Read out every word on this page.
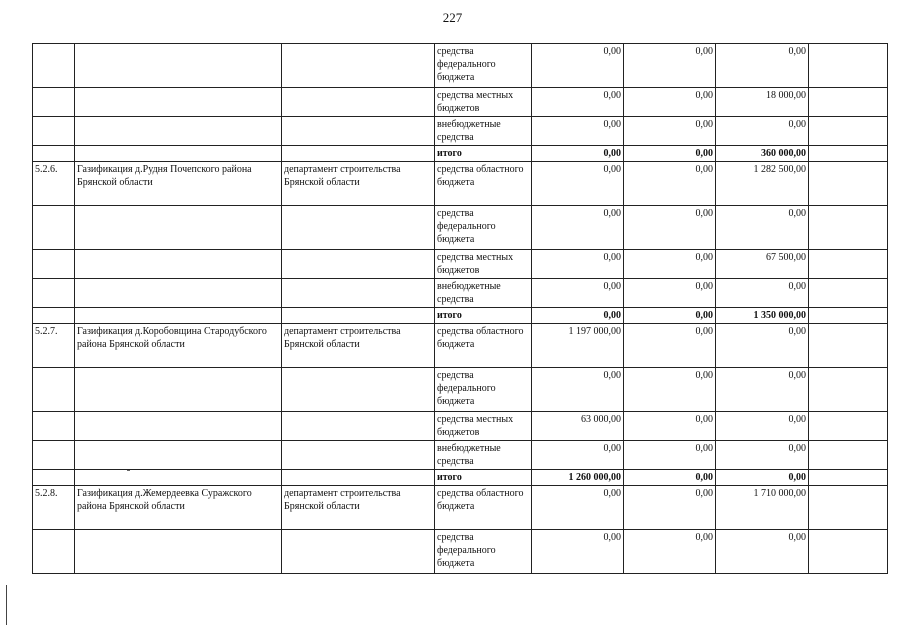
227
			средства федерального бюджета	0,00	0,00	0,00	
			средства местных бюджетов	0,00	0,00	18 000,00	
			внебюджетные средства	0,00	0,00	0,00	
			итого	0,00	0,00	360 000,00	
5.2.6.	Газификация д.Рудня Почепского района Брянской области	департамент строительства Брянской области	средства областного бюджета	0,00	0,00	1 282 500,00	
			средства федерального бюджета	0,00	0,00	0,00	
			средства местных бюджетов	0,00	0,00	67 500,00	
			внебюджетные средства	0,00	0,00	0,00	
			итого	0,00	0,00	1 350 000,00	
5.2.7.	Газификация д.Коробовщина Стародубского района Брянской области	департамент строительства Брянской области	средства областного бюджета	1 197 000,00	0,00	0,00	
			средства федерального бюджета	0,00	0,00	0,00	
			средства местных бюджетов	63 000,00	0,00	0,00	
			внебюджетные средства	0,00	0,00	0,00	
			итого	1 260 000,00	0,00	0,00	
5.2.8.	Газификация д.Жемердеевка Суражского района Брянской области	департамент строительства Брянской области	средства областного бюджета	0,00	0,00	1 710 000,00	
			средства федерального бюджета	0,00	0,00	0,00	
